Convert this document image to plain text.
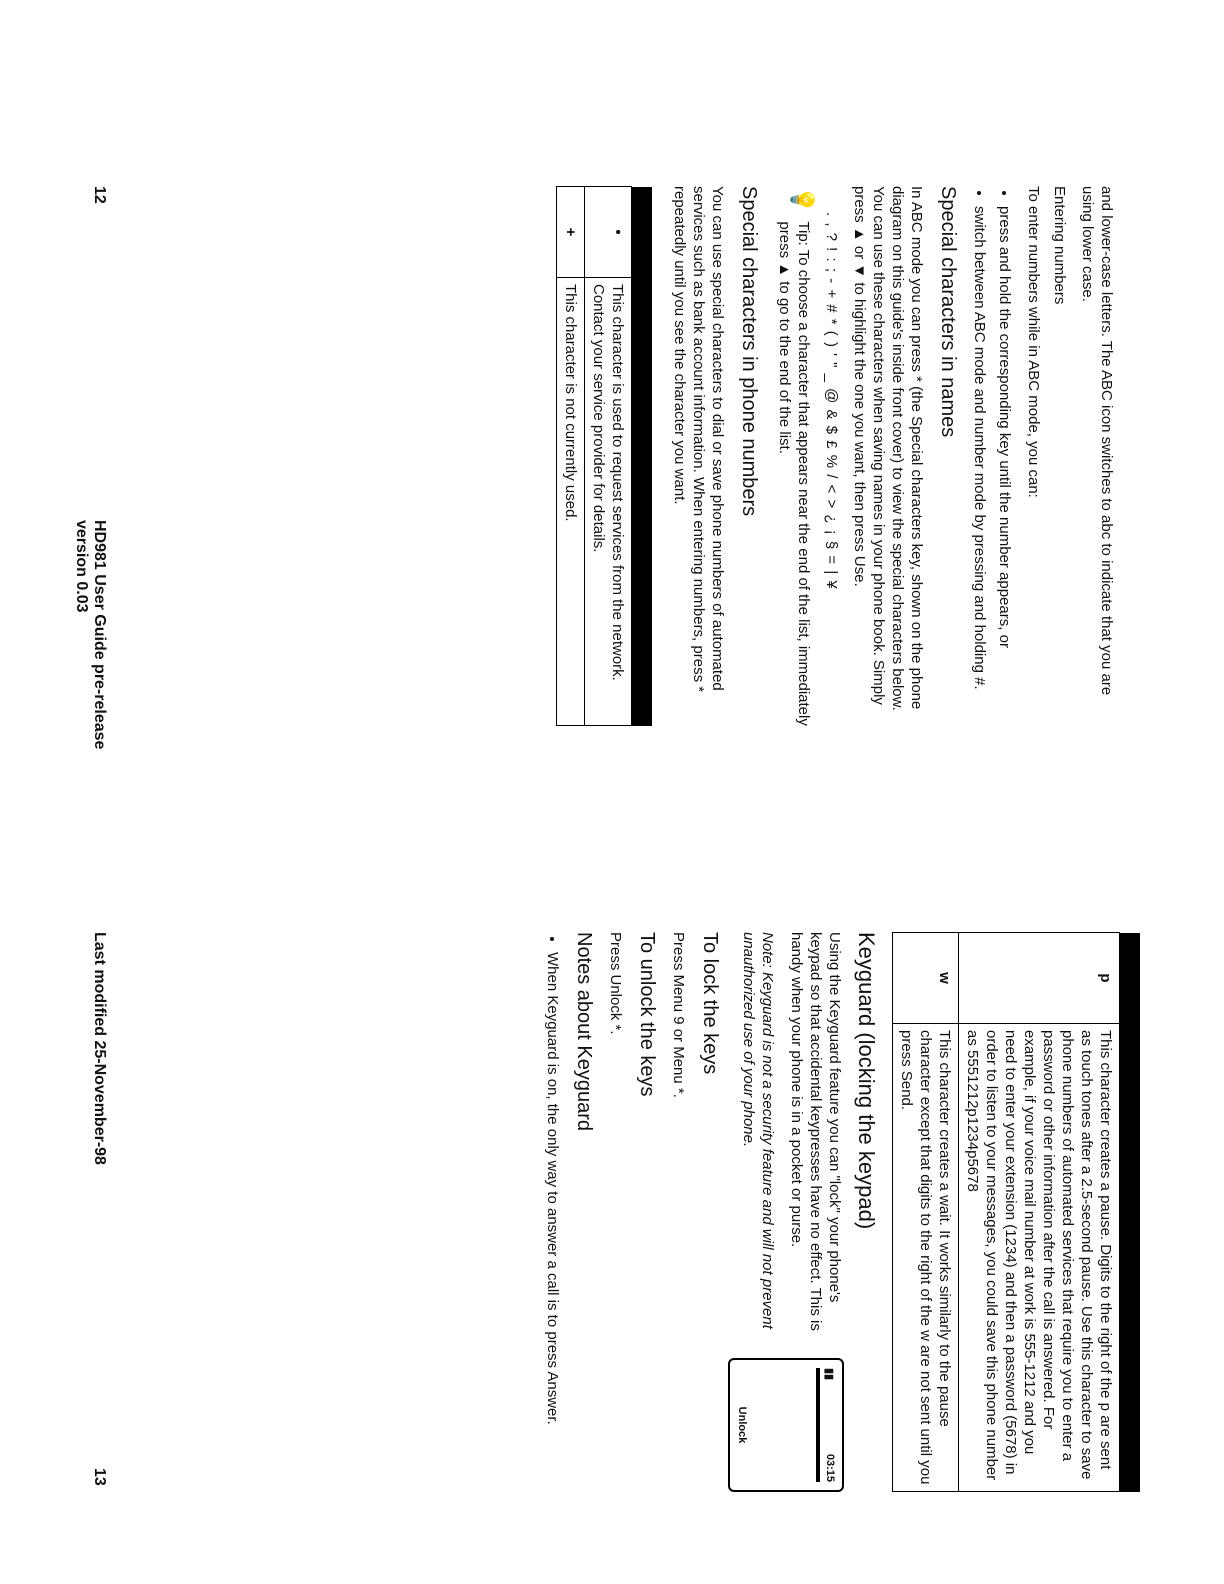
and lower-case letters. The ABC icon switches to abc to indicate that you are using lower case.

Entering numbers

To enter numbers while in ABC mode, you can:

• press and hold the corresponding key until the number appears, or
• switch between ABC mode and number mode by pressing and holding #.
Special characters in names

In ABC mode you can press * (the Special characters key, shown on the phone diagram on this guide's inside front cover) to view the special characters below. You can use these characters when saving names in your phone book. Simply press ▲ or ▼ to highlight the one you want, then press Use.

. , ? ! : ; - + # * ( ) ' " _ @ & $ £ % / < > ¿ ¡ § = | ¥
💡
Tip: To choose a character that appears near the end of the list, immediately press ▲ to go to the end of the list.
Special characters in phone numbers

You can use special characters to dial or save phone numbers of automated services such as bank account information. When entering numbers, press * repeatedly until you see the character you want.

•	This character is used to request services from the network. Contact your service provider for details.
+	This character is not currently used.
12
HD981 User Guide pre-release version 0.03

p	This character creates a pause. Digits to the right of the p are sent as touch tones after a 2.5-second pause. Use this character to save phone numbers of automated services that require you to enter a password or other information after the call is answered. For example, if your voice mail number at work is 555-1212 and you need to enter your extension (1234) and then a password (5678) in order to listen to your messages, you could save this phone number as 5551212p1234p5678
w	This character creates a wait. It works similarly to the pause character except that digits to the right of the w are not sent until you press Send.
Keyguard (locking the keypad)
▮▮
03:15
Unlock

Using the Keyguard feature you can "lock" your phone's keypad so that accidental keypresses have no effect. This is handy when your phone is in a pocket or purse.

Note: Keyguard is not a security feature and will not prevent unauthorized use of your phone.

To lock the keys

Press Menu 9 or Menu *.

To unlock the keys

Press Unlock *.

Notes about Keyguard
• When Keyguard is on, the only way to answer a call is to press Answer.
Last modified 25-November-98
13
